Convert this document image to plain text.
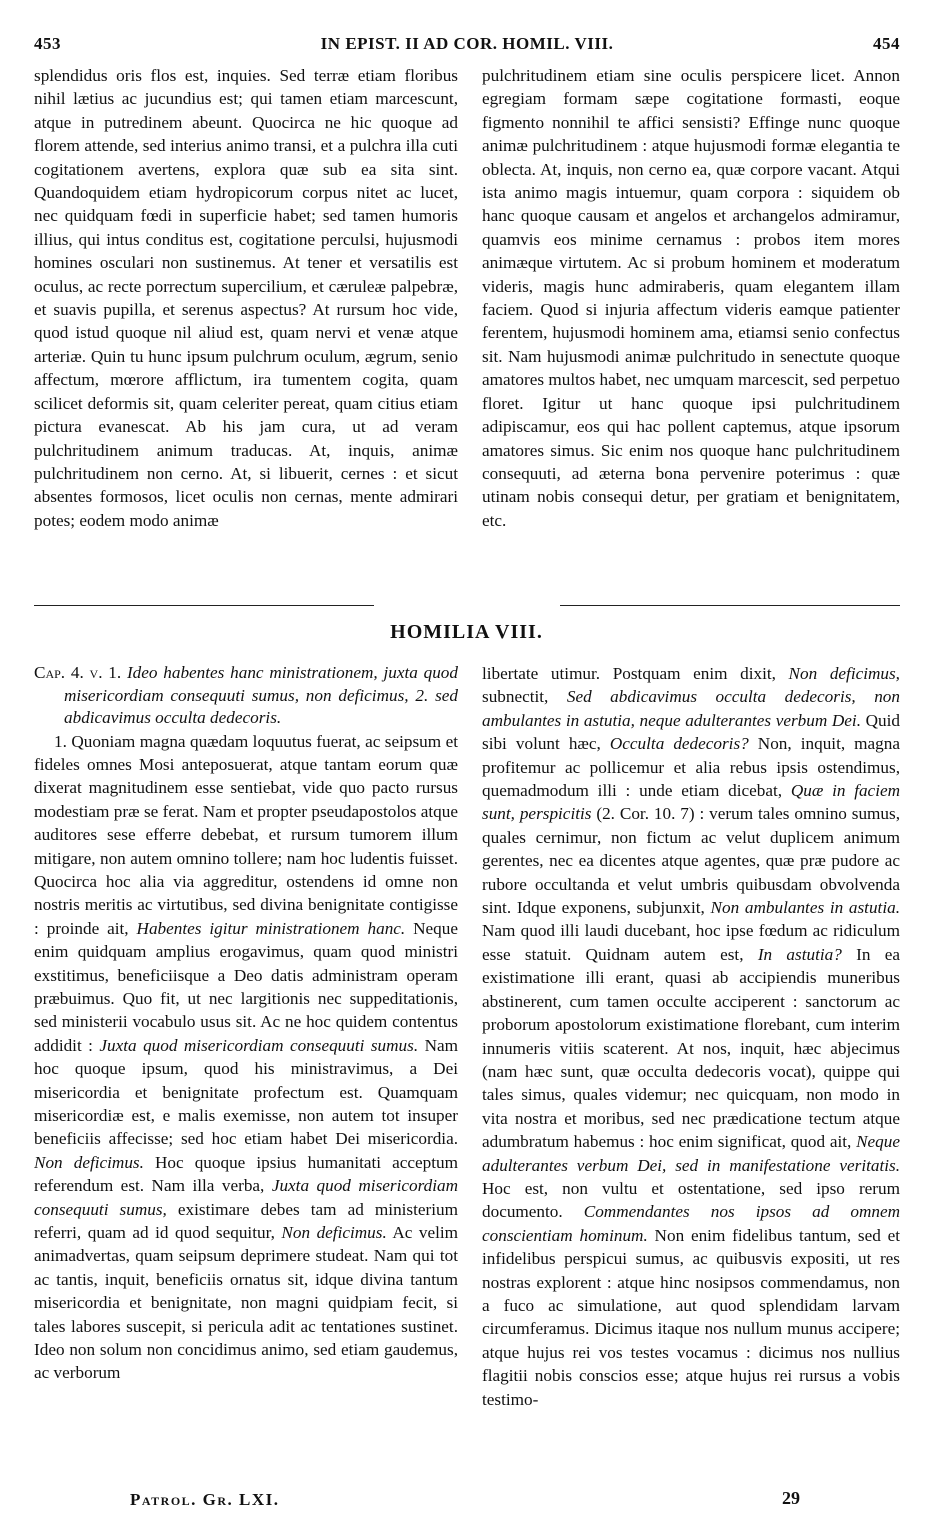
453	IN EPIST. II AD COR. HOMIL. VIII.	454

splendidus oris flos est, inquies. Sed terræ etiam floribus nihil lætius ac jucundius est; qui tamen etiam marcescunt, atque in putredinem abeunt. Quocirca ne hic quoque ad florem attende, sed interius animo transi, et a pulchra illa cuti cogitationem avertens, explora quæ sub ea sita sint. Quandoquidem etiam hydropicorum corpus nitet ac lucet, nec quidquam fœdi in superficie habet; sed tamen humoris illius, qui intus conditus est, cogitatione perculsi, hujusmodi homines osculari non sustinemus. At tener et versatilis est oculus, ac recte porrectum supercilium, et cæruleæ palpebræ, et suavis pupilla, et serenus aspectus? At rursum hoc vide, quod istud quoque nil aliud est, quam nervi et venæ atque arteriæ. Quin tu hunc ipsum pulchrum oculum, ægrum, senio affectum, mœrore afflictum, ira tumentem cogita, quam scilicet deformis sit, quam celeriter pereat, quam citius etiam pictura evanescat. Ab his jam cura, ut ad veram pulchritudinem animum traducas. At, inquis, animæ pulchritudinem non cerno. At, si libuerit, cernes : et sicut absentes formosos, licet oculis non cernas, mente admirari potes; eodem modo animæ

pulchritudinem etiam sine oculis perspicere licet. Annon egregiam formam sæpe cogitatione formasti, eoque figmento nonnihil te affici sensisti? Effinge nunc quoque animæ pulchritudinem : atque hujusmodi formæ elegantia te oblecta. At, inquis, non cerno ea, quæ corpore vacant. Atqui ista animo magis intuemur, quam corpora : siquidem ob hanc quoque causam et angelos et archangelos admiramur, quamvis eos minime cernamus : probos item mores animæque virtutem. Ac si probum hominem et moderatum videris, magis hunc admiraberis, quam elegantem illam faciem. Quod si injuria affectum videris eamque patienter ferentem, hujusmodi hominem ama, etiamsi senio confectus sit. Nam hujusmodi animæ pulchritudo in senectute quoque amatores multos habet, nec umquam marcescit, sed perpetuo floret. Igitur ut hanc quoque ipsi pulchritudinem adipiscamur, eos qui hac pollent captemus, atque ipsorum amatores simus. Sic enim nos quoque hanc pulchritudinem consequuti, ad æterna bona pervenire poterimus : quæ utinam nobis consequi detur, per gratiam et benignitatem, etc.

HOMILIA VIII.

Cap. 4. v. 1. Ideo habentes hanc ministrationem, juxta quod misericordiam consequuti sumus, non deficimus, 2. sed abdicavimus occulta dedecoris.

1. Quoniam magna quædam loquutus fuerat, ac seipsum et fideles omnes Mosi anteposuerat, atque tantam eorum quæ dixerat magnitudinem esse sentiebat, vide quo pacto rursus modestiam præ se ferat. Nam et propter pseudapostolos atque auditores sese efferre debebat, et rursum tumorem illum mitigare, non autem omnino tollere; nam hoc ludentis fuisset. Quocirca hoc alia via aggreditur, ostendens id omne non nostris meritis ac virtutibus, sed divina benignitate contigisse : proinde ait, Habentes igitur ministrationem hanc. Neque enim quidquam amplius erogavimus, quam quod ministri exstitimus, beneficiisque a Deo datis administram operam præbuimus. Quo fit, ut nec largitionis nec suppeditationis, sed ministerii vocabulo usus sit. Ac ne hoc quidem contentus addidit : Juxta quod misericordiam consequuti sumus. Nam hoc quoque ipsum, quod his ministravimus, a Dei misericordia et benignitate profectum est. Quamquam misericordiæ est, e malis exemisse, non autem tot insuper beneficiis affecisse; sed hoc etiam habet Dei misericordia. Non deficimus. Hoc quoque ipsius humanitati acceptum referendum est. Nam illa verba, Juxta quod misericordiam consequuti sumus, existimare debes tam ad ministerium referri, quam ad id quod sequitur, Non deficimus. Ac velim animadvertas, quam seipsum deprimere studeat. Nam qui tot ac tantis, inquit, beneficiis ornatus sit, idque divina tantum misericordia et benignitate, non magni quidpiam fecit, si tales labores suscepit, si pericula adit ac tentationes sustinet. Ideo non solum non concidimus animo, sed etiam gaudemus, ac verborum

libertate utimur. Postquam enim dixit, Non deficimus, subnectit, Sed abdicavimus occulta dedecoris, non ambulantes in astutia, neque adulterantes verbum Dei. Quid sibi volunt hæc, Occulta dedecoris? Non, inquit, magna profitemur ac pollicemur et alia rebus ipsis ostendimus, quemadmodum illi : unde etiam dicebat, Quæ in faciem sunt, perspicitis (2. Cor. 10. 7) : verum tales omnino sumus, quales cernimur, non fictum ac velut duplicem animum gerentes, nec ea dicentes atque agentes, quæ præ pudore ac rubore occultanda et velut umbris quibusdam obvolvenda sint. Idque exponens, subjunxit, Non ambulantes in astutia. Nam quod illi laudi ducebant, hoc ipse fœdum ac ridiculum esse statuit. Quidnam autem est, In astutia? In ea existimatione illi erant, quasi ab accipiendis muneribus abstinerent, cum tamen occulte acciperent : sanctorum ac proborum apostolorum existimatione florebant, cum interim innumeris vitiis scaterent. At nos, inquit, hæc abjecimus (nam hæc sunt, quæ occulta dedecoris vocat), quippe qui tales simus, quales videmur; nec quicquam, non modo in vita nostra et moribus, sed nec prædicatione tectum atque adumbratum habemus : hoc enim significat, quod ait, Neque adulterantes verbum Dei, sed in manifestatione veritatis. Hoc est, non vultu et ostentatione, sed ipso rerum documento. Commendantes nos ipsos ad omnem conscientiam hominum. Non enim fidelibus tantum, sed et infidelibus perspicui sumus, ac quibusvis expositi, ut res nostras explorent : atque hinc nosipsos commendamus, non a fuco ac simulatione, aut quod splendidam larvam circumferamus. Dicimus itaque nos nullum munus accipere; atque hujus rei vos testes vocamus : dicimus nos nullius flagitii nobis conscios esse; atque hujus rei rursus a vobis testimo-

Patrol. Gr. LXI.	29
